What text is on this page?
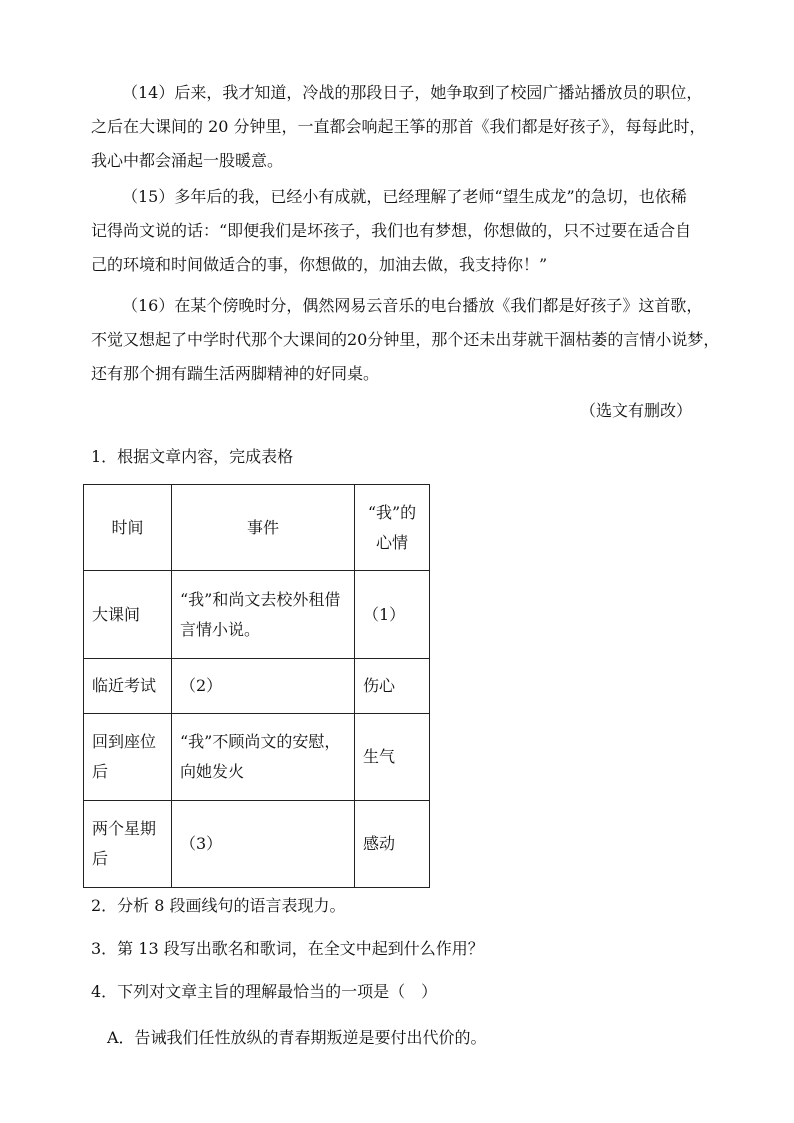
（14）后来，我才知道，冷战的那段日子，她争取到了校园广播站播放员的职位，
之后在大课间的 20 分钟里，一直都会响起王筝的那首《我们都是好孩子》，每每此时，
我心中都会涌起一股暖意。
（15）多年后的我，已经小有成就，已经理解了老师“望生成龙”的急切，也依稀
记得尚文说的话：“即便我们是坏孩子，我们也有梦想，你想做的，只不过要在适合自
己的环境和时间做适合的事，你想做的，加油去做，我支持你！”
（16）在某个傍晚时分，偶然网易云音乐的电台播放《我们都是好孩子》这首歌，
不觉又想起了中学时代那个大课间的20分钟里，那个还未出芽就干涸枯萎的言情小说梦，
还有那个拥有踹生活两脚精神的好同桌。
（选文有删改）
1．根据文章内容，完成表格
时间	事件	“我”的心情
大课间	“我”和尚文去校外租借言情小说。	（1）
临近考试	（2）	伤心
回到座位后	“我”不顾尚文的安慰，向她发火	生气
两个星期后	（3）	感动
2．分析 8 段画线句的语言表现力。
3．第 13 段写出歌名和歌词，在全文中起到什么作用？
4．下列对文章主旨的理解最恰当的一项是（　）
A．告诫我们任性放纵的青春期叛逆是要付出代价的。
